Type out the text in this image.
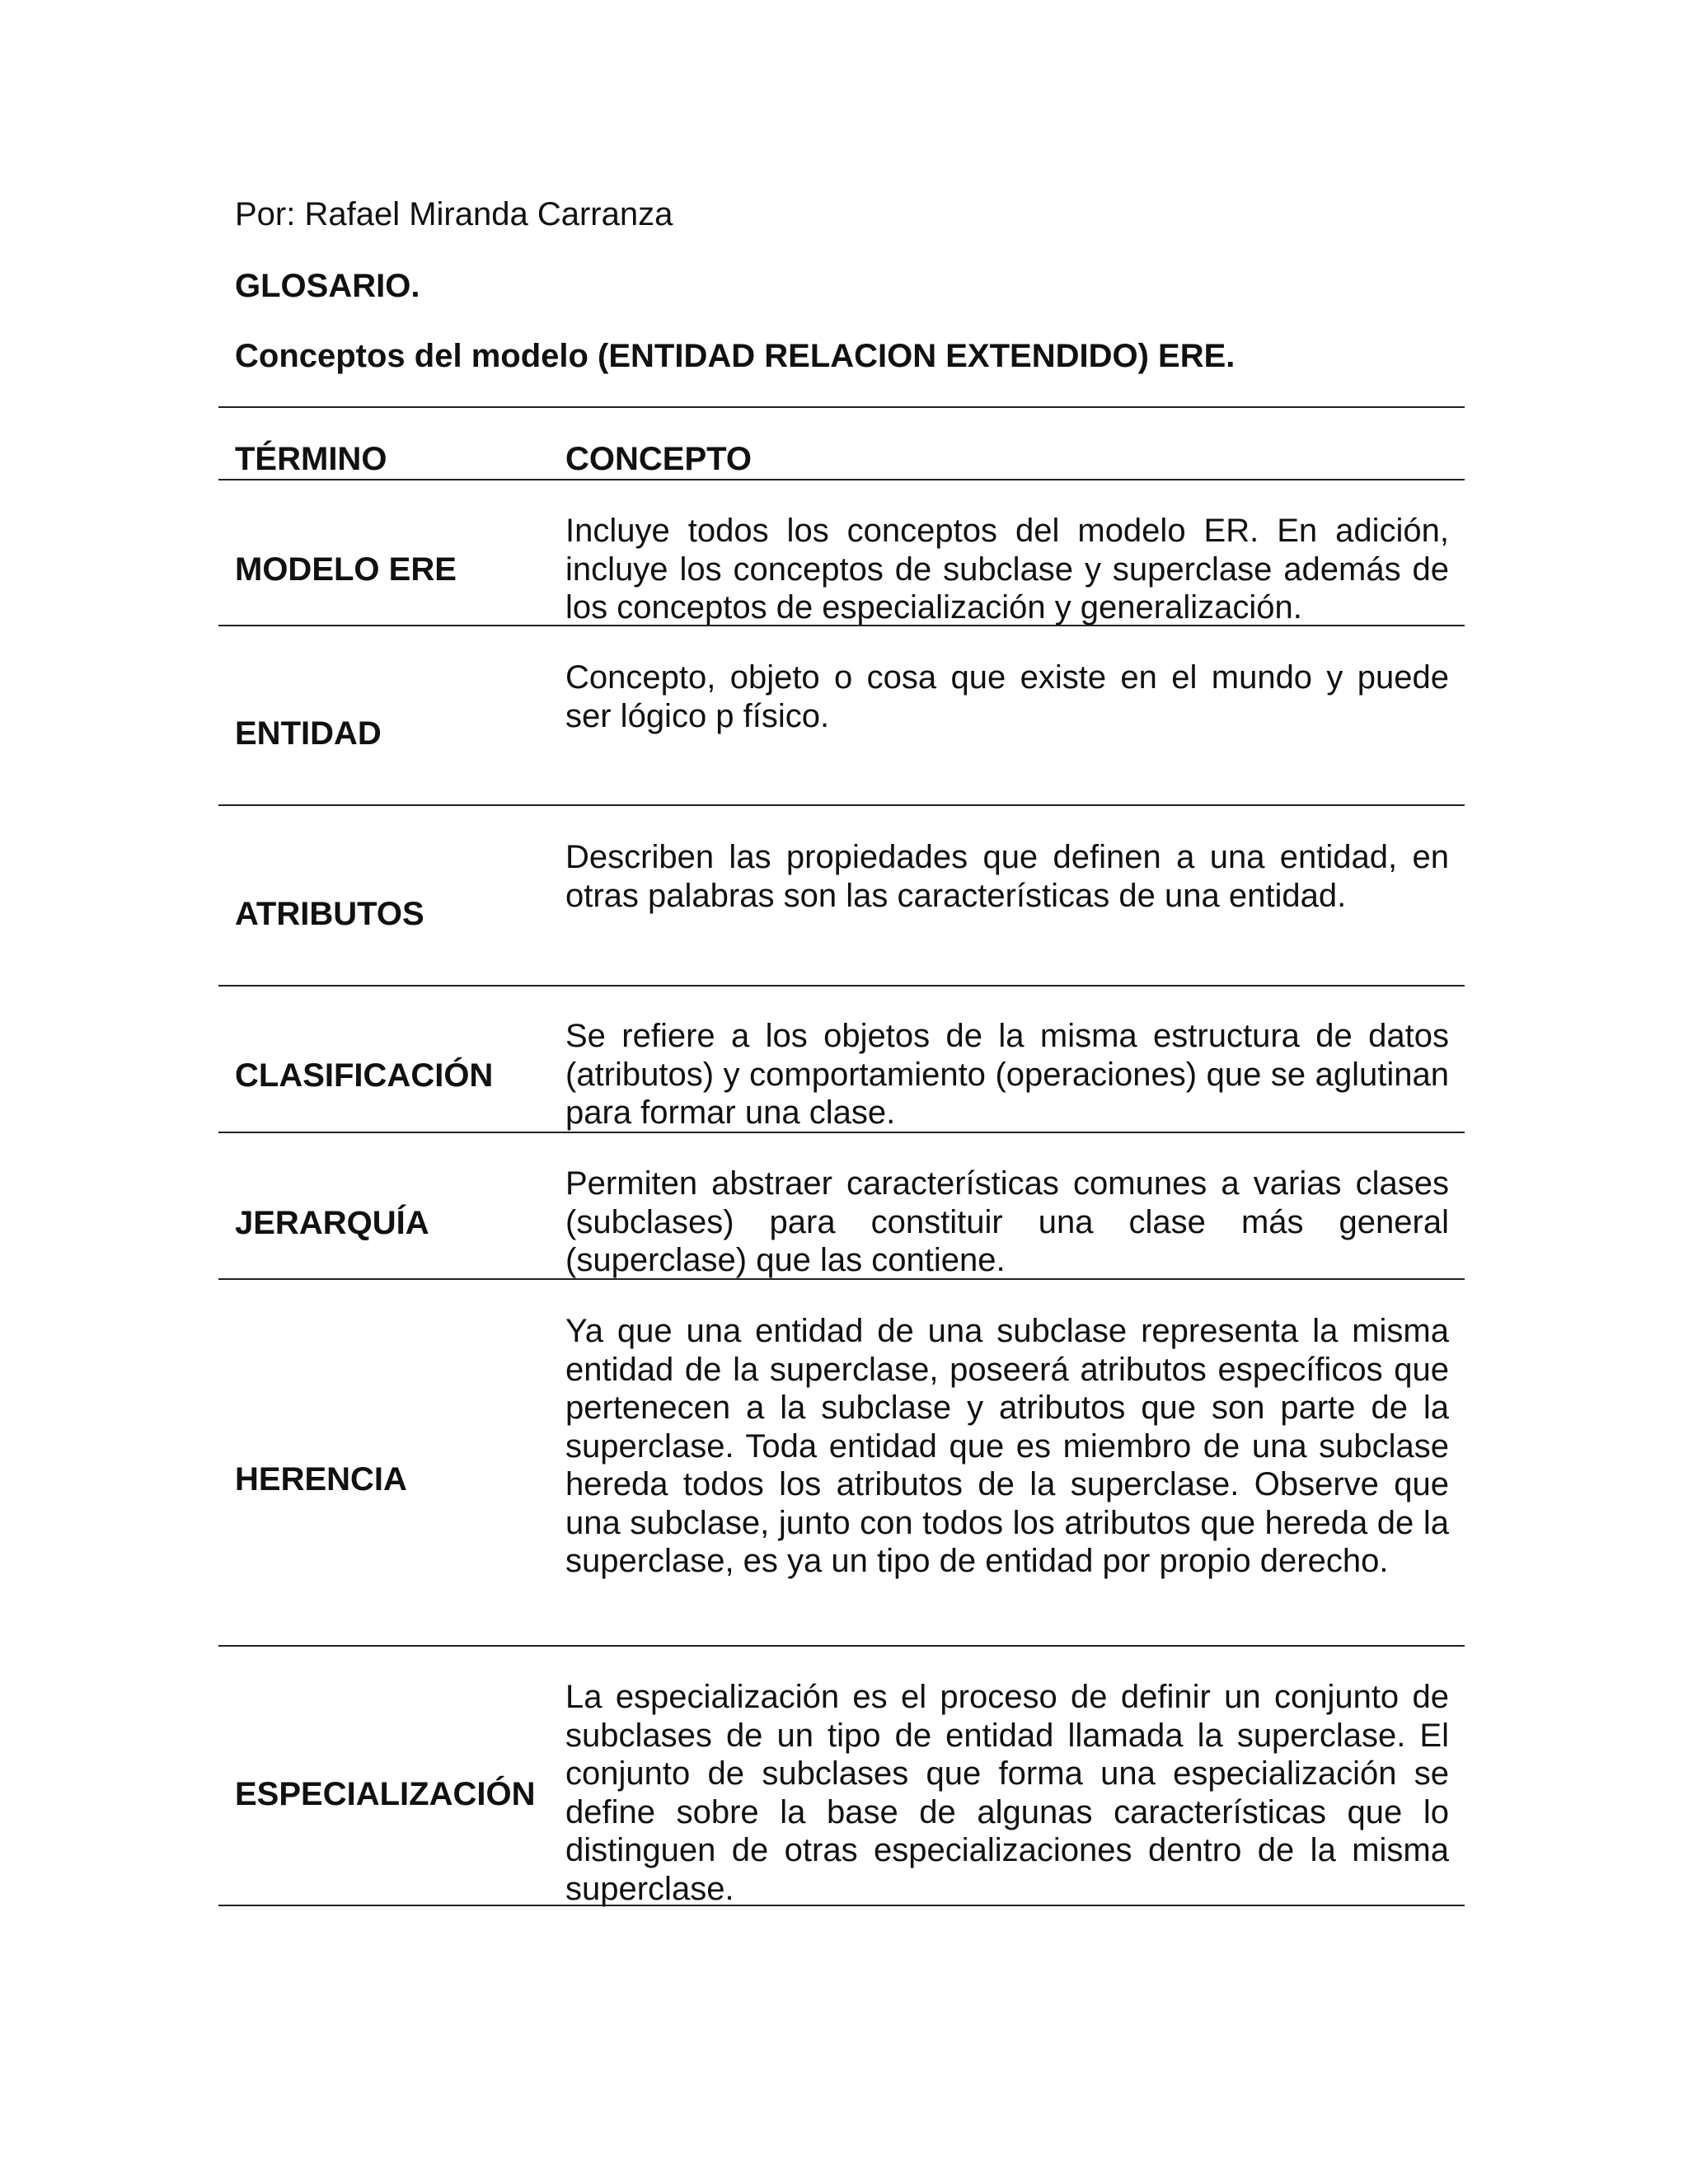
Por: Rafael Miranda Carranza
GLOSARIO.
Conceptos del modelo (ENTIDAD RELACION EXTENDIDO) ERE.
TÉRMINO	CONCEPTO
MODELO ERE
Incluye todos los conceptos del modelo ER. En adición, incluye los conceptos de subclase y superclase además de los conceptos de especialización y generalización.
ENTIDAD
Concepto, objeto o cosa que existe en el mundo y puede ser lógico p físico.
ATRIBUTOS
Describen las propiedades que definen a una entidad, en otras palabras son las características de una entidad.
CLASIFICACIÓN
Se refiere a los objetos de la misma estructura de datos (atributos) y comportamiento (operaciones) que se aglutinan para formar una clase.
JERARQUÍA
Permiten abstraer características comunes a varias clases (subclases) para constituir una clase más general (superclase) que las contiene.
HERENCIA
Ya que una entidad de una subclase representa la misma entidad de la superclase, poseerá atributos específicos que pertenecen a la subclase y atributos que son parte de la superclase. Toda entidad que es miembro de una subclase hereda todos los atributos de la superclase. Observe que una subclase, junto con todos los atributos que hereda de la superclase, es ya un tipo de entidad por propio derecho.
ESPECIALIZACIÓN
La especialización es el proceso de definir un conjunto de subclases de un tipo de entidad llamada la superclase. El conjunto de subclases que forma una especialización se define sobre la base de algunas características que lo distinguen de otras especializaciones dentro de la misma superclase.
